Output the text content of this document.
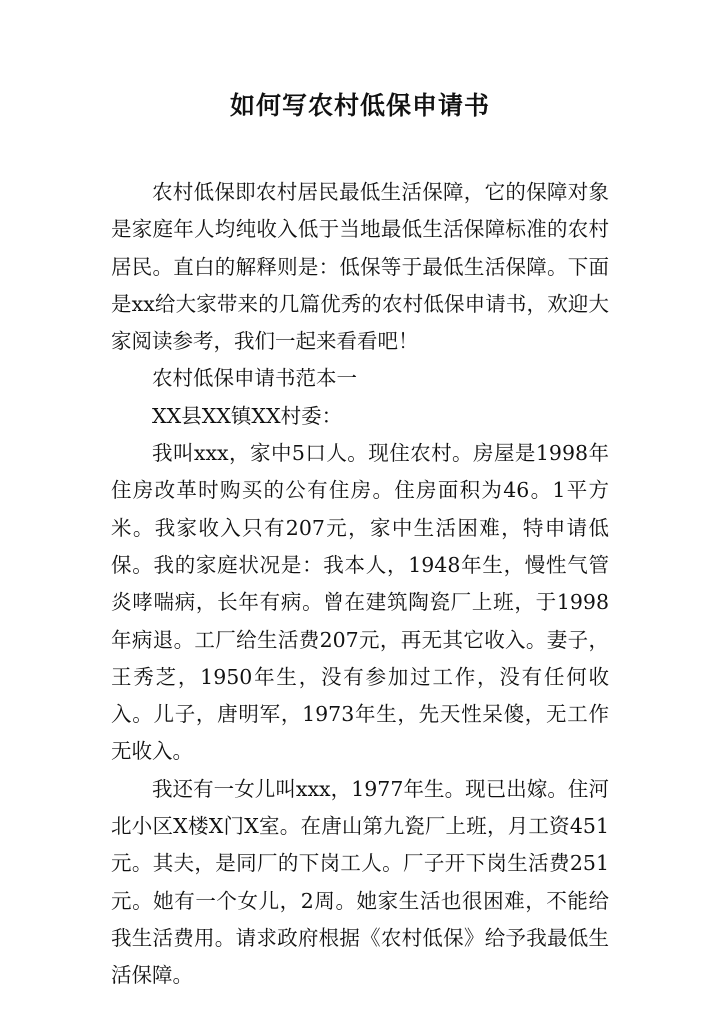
如何写农村低保申请书

农村低保即农村居民最低生活保障，它的保障对象是家庭年人均纯收入低于当地最低生活保障标准的农村居民。直白的解释则是：低保等于最低生活保障。下面是xx给大家带来的几篇优秀的农村低保申请书，欢迎大家阅读参考，我们一起来看看吧！

农村低保申请书范本一

XX县XX镇XX村委：

我叫xxx，家中5口人。现住农村。房屋是1998年住房改革时购买的公有住房。住房面积为46。1平方米。我家收入只有207元，家中生活困难，特申请低保。我的家庭状况是：我本人，1948年生，慢性气管炎哮喘病，长年有病。曾在建筑陶瓷厂上班，于1998年病退。工厂给生活费207元，再无其它收入。妻子，王秀芝，1950年生，没有参加过工作，没有任何收入。儿子，唐明军，1973年生，先天性呆傻，无工作无收入。

我还有一女儿叫xxx，1977年生。现已出嫁。住河北小区X楼X门X室。在唐山第九瓷厂上班，月工资451元。其夫，是同厂的下岗工人。厂子开下岗生活费251元。她有一个女儿，2周。她家生活也很困难，不能给我生活费用。请求政府根据《农村低保》给予我最低生活保障。
